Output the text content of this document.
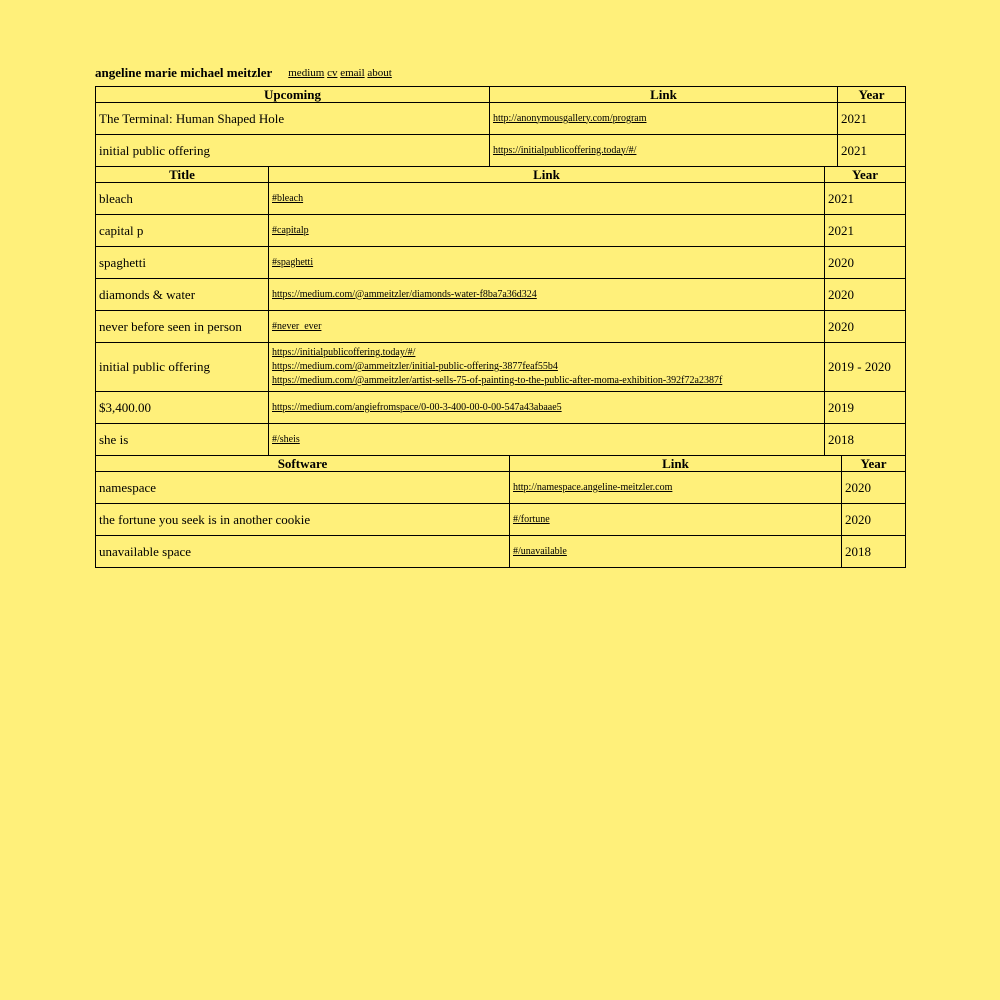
angeline marie michael meitzler medium cv email about
Upcoming	Link	Year
The Terminal: Human Shaped Hole	http://anonymousgallery.com/program	2021
initial public offering	https://initialpublicoffering.today/#/	2021
Title	Link	Year
bleach	#bleach	2021
capital p	#capitalp	2021
spaghetti	#spaghetti	2020
diamonds & water	https://medium.com/@ammeitzler/diamonds-water-f8ba7a36d324	2020
never before seen in person	#never_ever	2020
initial public offering	https://initialpublicoffering.today/#/
https://medium.com/@ammeitzler/initial-public-offering-3877feaf55b4
https://medium.com/@ammeitzler/artist-sells-75-of-painting-to-the-public-after-moma-exhibition-392f72a2387f	2019 - 2020
$3,400.00	https://medium.com/angiefromspace/0-00-3-400-00-0-00-547a43abaae5	2019
she is	#/sheis	2018
Software	Link	Year
namespace	http://namespace.angeline-meitzler.com	2020
the fortune you seek is in another cookie	#/fortune	2020
unavailable space	#/unavailable	2018
